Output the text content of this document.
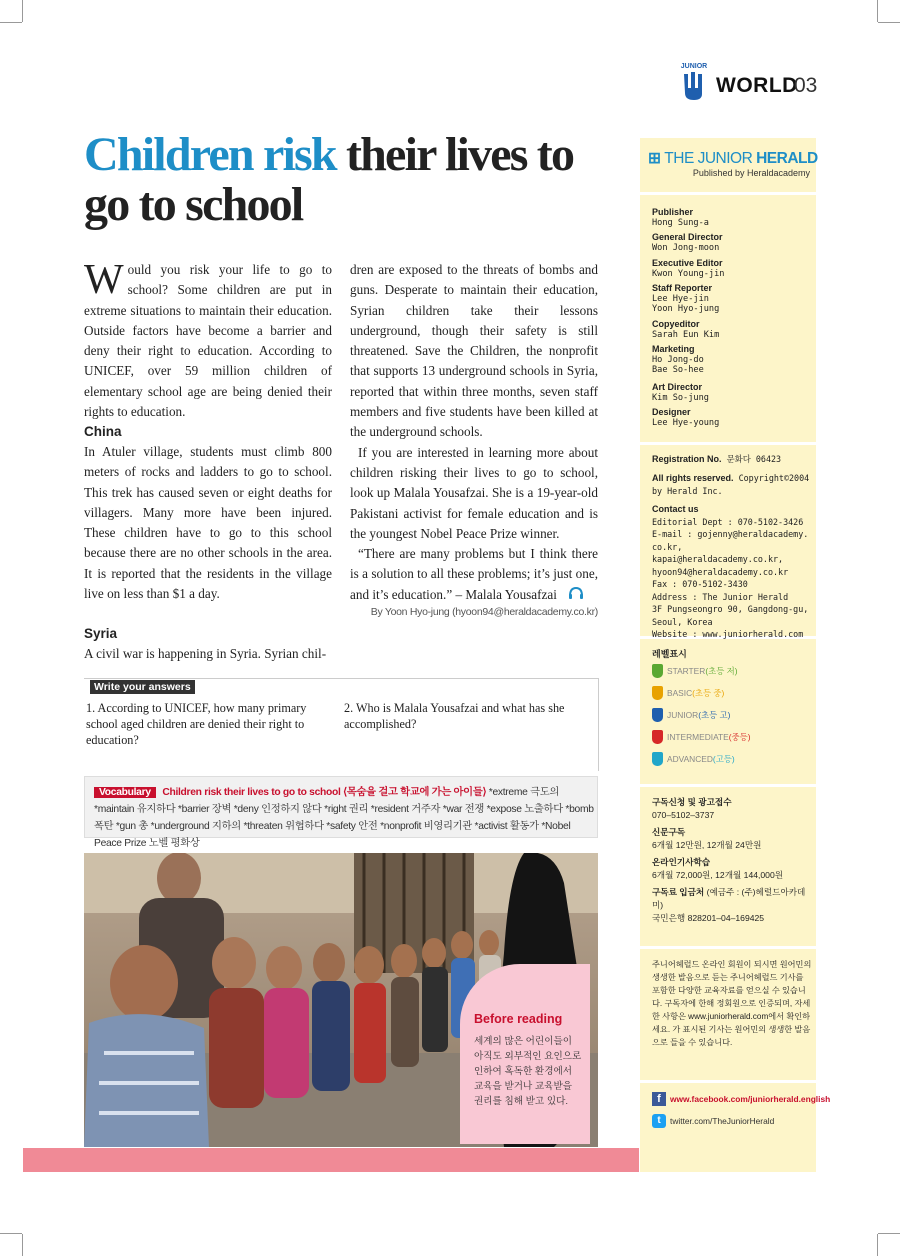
JUNIOR
WORLD
03
Children risk their lives to go to school

Would you risk your life to go to school? Some children are put in extreme situations to maintain their education. Outside factors have become a barrier and deny their right to education. According to UNICEF, over 59 million children of elementary school age are being denied their rights to education.

China
In Atuler village, students must climb 800 meters of rocks and ladders to go to school. This trek has caused seven or eight deaths for villagers. Many more have been injured. These children have to go to this school because there are no other schools in the area. It is reported that the residents in the village live on less than $1 a day.
Syria
A civil war is happening in Syria. Syrian chil-

dren are exposed to the threats of bombs and guns. Desperate to maintain their education, Syrian children take their lessons underground, though their safety is still threatened. Save the Children, the nonprofit that supports 13 underground schools in Syria, reported that within three months, seven staff members and five students have been killed at the underground schools.

If you are interested in learning more about children risking their lives to go to school, look up Malala Yousafzai. She is a 19-year-old Pakistani activist for female education and is the youngest Nobel Peace Prize winner.

“There are many problems but I think there is a solution to all these problems; it’s just one, and it’s education.” – Malala Yousafzai

By Yoon Hyo-jung (hyoon94@heraldacademy.co.kr)
Write your answers
1. According to UNICEF, how many primary school aged children are denied their right to education?
2. Who is Malala Yousafzai and what has she accomplished?
Vocabulary Children risk their lives to go to school ⟨목숨을 걸고 학교에 가는 아이들⟩ *extreme 극도의 *maintain 유지하다 *barrier 장벽 *deny 인정하지 않다 *right 권리 *resident 거주자 *war 전쟁 *expose 노출하다 *bomb 폭탄 *gun 총 *underground 지하의 *threaten 위협하다 *safety 안전 *nonprofit 비영리기관 *activist 활동가 *Nobel Peace Prize 노벨 평화상
Before reading
세계의 많은 어린이들이 아직도 외부적인 요인으로 인하여 혹독한 환경에서 교육을 받거나 교육받을 권리를 침해 받고 있다.
⊞ THE JUNIOR HERALD
Published by Heraldacademy
Publisher
Hong Sung-a
General Director
Won Jong-moon
Executive Editor
Kwon Young-jin
Staff Reporter
Lee Hye-jin
Yoon Hyo-jung
Copyeditor
Sarah Eun Kim
Marketing
Ho Jong-do
Bae So-hee
Art Director
Kim So-jung
Designer
Lee Hye-young
Registration No. 문화다 06423
All rights reserved. Copyright©2004 by Herald Inc.
Contact us
Editorial Dept : 070-5102-3426
E-mail : gojenny@heraldacademy.
co.kr, kapai@heraldacademy.co.kr,
hyoon94@heraldacademy.co.kr
Fax : 070-5102-3430
Address : The Junior Herald
3F Pungseongro 90, Gangdong-gu,
Seoul, Korea
Website : www.juniorherald.com
레벨표시
STARTER (초등 저)
BASIC (초등 중)
JUNIOR (초등 고)
INTERMEDIATE (중등)
ADVANCED (고등)
구독신청 및 광고접수
070–5102–3737
신문구독
6개월 12만원, 12개월 24만원
온라인기사학습
6개월 72,000원, 12개월 144,000원
구독료 입금처 (예금주 : (주)헤럴드아카데미)
국민은행 828201–04–169425
주니어헤럴드 온라인 회원이 되시면 원어민의 생생한 발음으로 듣는 주니어헤럴드 기사를 포함한 다양한 교육자료를 얻으실 수 있습니다. 구독자에 한해 정회원으로 인증되며, 자세한 사항은 www.juniorherald.com에서 확인하세요. 가 표시된 기사는 원어민의 생생한 발음으로 들을 수 있습니다.
f	www.facebook.com/juniorherald.english
t	twitter.com/TheJuniorHerald
